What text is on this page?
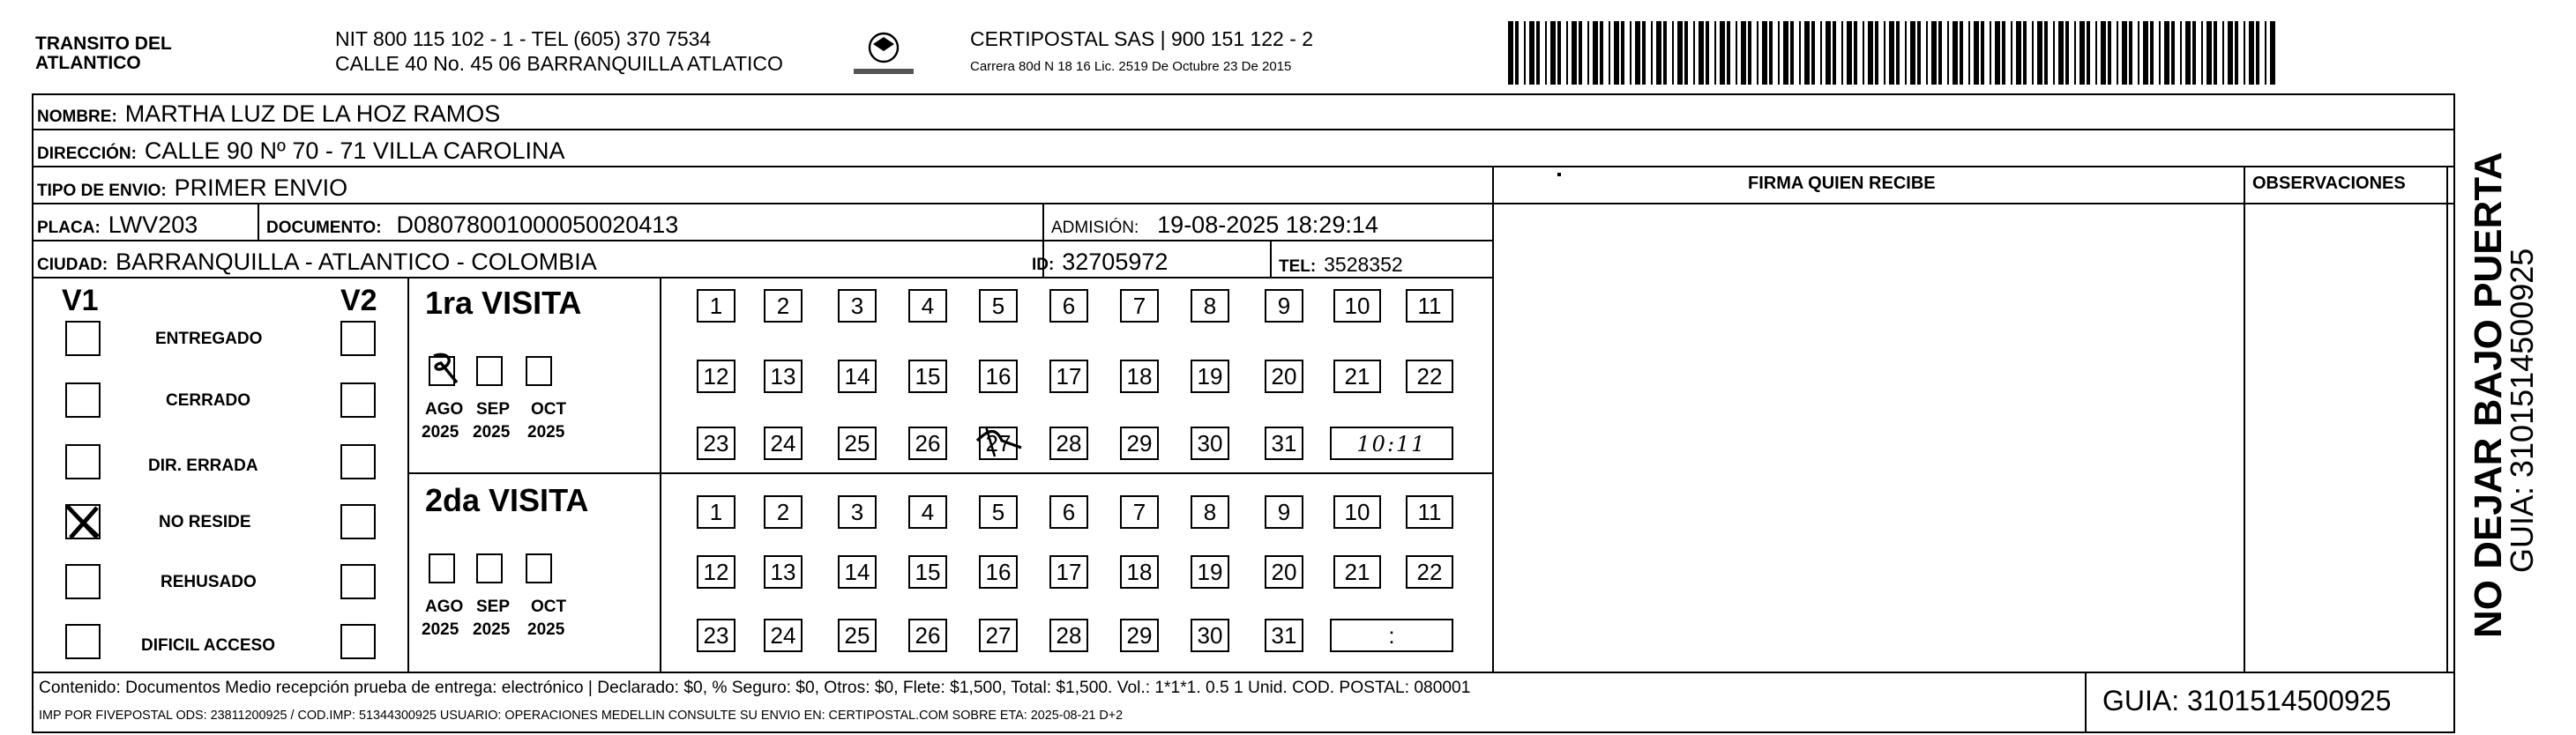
TRANSITO DEL
ATLANTICO
NIT 800 115 102 - 1 - TEL (605) 370 7534
CALLE 40 No. 45 06 BARRANQUILLA ATLATICO
CERTIPOSTAL SAS | 900 151 122 - 2
Carrera 80d N 18 16 Lic. 2519 De Octubre 23 De 2015
NOMBRE: MARTHA LUZ DE LA HOZ RAMOS
DIRECCIÓN: CALLE 90 Nº 70 - 71 VILLA CAROLINA
TIPO DE ENVIO: PRIMER ENVIO
PLACA: LWV203	DOCUMENTO: D08078001000050020413	ADMISIÓN: 19-08-2025 18:29:14
CIUDAD: BARRANQUILLA - ATLANTICO - COLOMBIA	ID: 32705972	TEL: 3528352
FIRMA QUIEN RECIBE	OBSERVACIONES
V1	V2
ENTREGADO
CERRADO
DIR. ERRADA
NO RESIDE
REHUSADO
DIFICIL ACCESO
1ra VISITA
AGO SEP	OCT
2025 2025 2025
1	2	3	4	5	6	7	8	9	10	11
12	13	14	15	16	17	18	19	20	21	22
23	24	25	26	27	28	29	30	31	10:11
2da VISITA
AGO SEP	OCT
2025 2025 2025
1	2	3	4	5	6	7	8	9	10	11
12	13	14	15	16	17	18	19	20	21	22
23	24	25	26	27	28	29	30	31	:
Contenido: Documentos Medio recepción prueba de entrega: electrónico | Declarado: $0, % Seguro: $0, Otros: $0, Flete: $1,500, Total: $1,500. Vol.: 1*1*1. 0.5 1 Unid. COD. POSTAL: 080001
IMP POR FIVEPOSTAL ODS: 23811200925 / COD.IMP: 51344300925 USUARIO: OPERACIONES MEDELLIN CONSULTE SU ENVIO EN: CERTIPOSTAL.COM SOBRE ETA: 2025-08-21 D+2	GUIA: 3101514500925
NO DEJAR BAJO PUERTA
GUIA: 3101514500925
